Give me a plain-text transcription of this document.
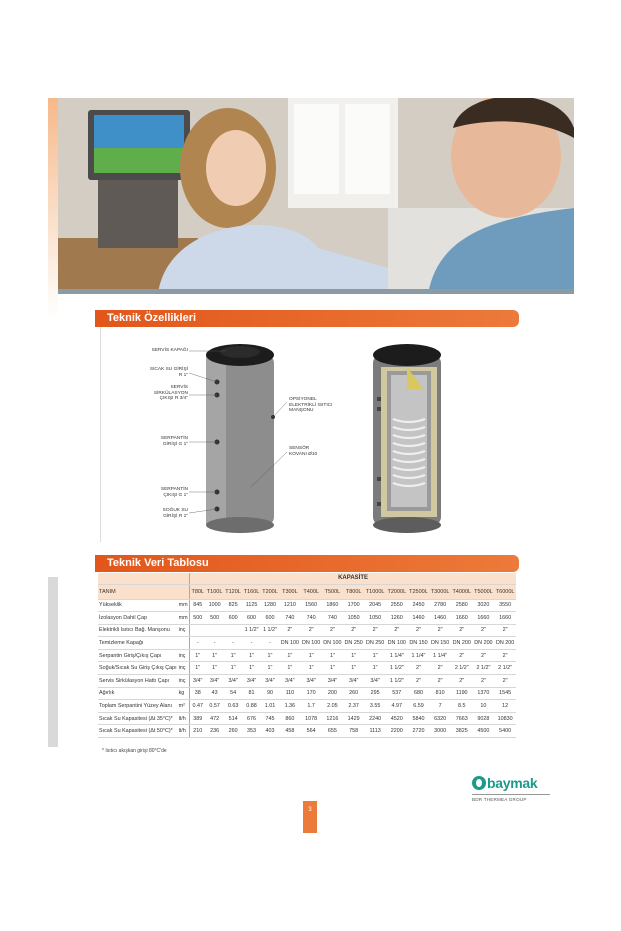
Teknik Özellikleri
SERVİS KAPAĞI
SICAK SU GİRİŞİ R 1"
SERVİS SİRKÜLASYON ÇIKIŞI R 3/4"
SERPANTİN GİRİŞİ G 1"
SERPANTİN ÇIKIŞI G 1"
SOĞUK SU GİRİŞİ R 1"
OPSİYONEL ELEKTRİKLİ ISITICI MANŞONU
SENSÖR KOVANI Ø10
Teknik Veri Tablosu
		KAPASİTE															
TANIM		T80L	T100L	T120L	T160L	T200L	T300L	T400L	T500L	T800L	T1000L	T2000L	T2500L	T3000L	T4000L	T5000L	T6000L
Yükseklik	mm	845	1000	825	1125	1280	1210	1560	1860	1700	2045	2550	2450	2780	2580	3020	3550
İzolasyon Dahil Çap	mm	500	500	600	600	600	740	740	740	1050	1050	1260	1460	1460	1660	1660	1660
Elektrikli Isıtıcı Bağ. Manşonu	inç				1 1/2"	1 1/2"	2"	2"	2"	2"	2"	2"	2"	2"	2"	2"	2"
Temizleme Kapağı		-	-	-	-	-	DN 100	DN 100	DN 100	DN 250	DN 250	DN 100	DN 150	DN 150	DN 200	DN 200	DN 200
Serpantin Giriş/Çıkış Çapı	inç	1"	1"	1"	1"	1"	1"	1"	1"	1"	1"	1 1/4"	1 1/4"	1 1/4"	2"	2"	2"
Soğuk/Sıcak Su Giriş Çıkış Çapı	inç	1"	1"	1"	1"	1"	1"	1"	1"	1"	1"	1 1/2"	2"	2"	2 1/2"	2 1/2"	2 1/2"
Servis Sirkülasyon Hattı Çapı	inç	3/4"	3/4"	3/4"	3/4"	3/4"	3/4"	3/4"	3/4"	3/4"	3/4"	1 1/2"	2"	2"	2"	2"	2"
Ağırlık	kg	38	43	54	81	90	110	170	200	260	295	537	680	810	1190	1370	1545
Toplam Serpantini Yüzey Alanı	m²	0.47	0.57	0.63	0.88	1.01	1.36	1.7	2.05	2.37	3.55	4.97	6.59	7	8.5	10	12
Sıcak Su Kapasitesi (Δt 35°C)*	lt/h	389	472	514	676	745	860	1078	1216	1429	2240	4520	5840	6320	7663	9028	10830
Sıcak Su Kapasitesi (Δt 50°C)*	lt/h	210	236	260	353	403	458	564	655	758	1113	2200	2720	3000	3825	4500	5400
* Isıtıcı akışkan girişi 80°C'de
baymak
BDR THERMEA GROUP
3
